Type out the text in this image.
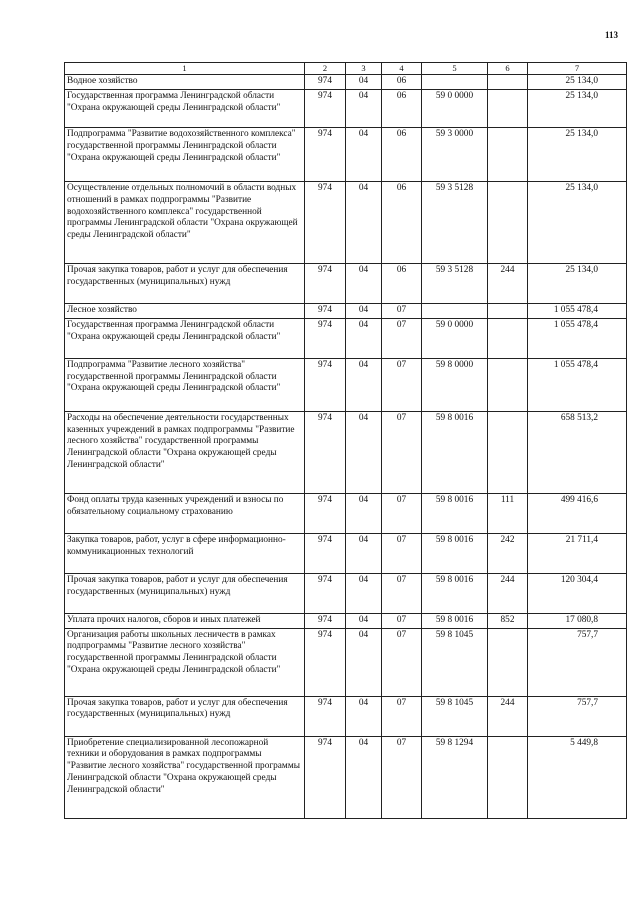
113
1	2	3	4	5	6	7
Водное хозяйство	974	04	06			25 134,0
Государственная программа Ленинградской области "Охрана окружающей среды Ленинградской области"	974	04	06	59 0 0000		25 134,0
Подпрограмма "Развитие водохозяйственного комплекса" государственной программы Ленинградской области "Охрана окружающей среды Ленинградской области"	974	04	06	59 3 0000		25 134,0
Осуществление отдельных полномочий в области водных отношений в рамках подпрограммы "Развитие водохозяйственного комплекса" государственной программы Ленинградской области "Охрана окружающей среды Ленинградской области"	974	04	06	59 3 5128		25 134,0
Прочая закупка товаров, работ и услуг для обеспечения государственных (муниципальных) нужд	974	04	06	59 3 5128	244	25 134,0
Лесное хозяйство	974	04	07			1 055 478,4
Государственная программа Ленинградской области "Охрана окружающей среды Ленинградской области"	974	04	07	59 0 0000		1 055 478,4
Подпрограмма "Развитие лесного хозяйства" государственной программы Ленинградской области "Охрана окружающей среды Ленинградской области"	974	04	07	59 8 0000		1 055 478,4
Расходы на обеспечение деятельности государственных казенных учреждений в рамках подпрограммы "Развитие лесного хозяйства" государственной программы Ленинградской области "Охрана окружающей среды Ленинградской области"	974	04	07	59 8 0016		658 513,2
Фонд оплаты труда казенных учреждений и взносы по обязательному социальному страхованию	974	04	07	59 8 0016	111	499 416,6
Закупка товаров, работ, услуг в сфере информационно-коммуникационных технологий	974	04	07	59 8 0016	242	21 711,4
Прочая закупка товаров, работ и услуг для обеспечения государственных (муниципальных) нужд	974	04	07	59 8 0016	244	120 304,4
Уплата прочих налогов, сборов и иных платежей	974	04	07	59 8 0016	852	17 080,8
Организация работы школьных лесничеств в рамках подпрограммы "Развитие лесного хозяйства" государственной программы Ленинградской области "Охрана окружающей среды Ленинградской области"	974	04	07	59 8 1045		757,7
Прочая закупка товаров, работ и услуг для обеспечения государственных (муниципальных) нужд	974	04	07	59 8 1045	244	757,7
Приобретение специализированной лесопожарной техники и оборудования в рамках подпрограммы "Развитие лесного хозяйства" государственной программы Ленинградской области "Охрана окружающей среды Ленинградской области"	974	04	07	59 8 1294		5 449,8
